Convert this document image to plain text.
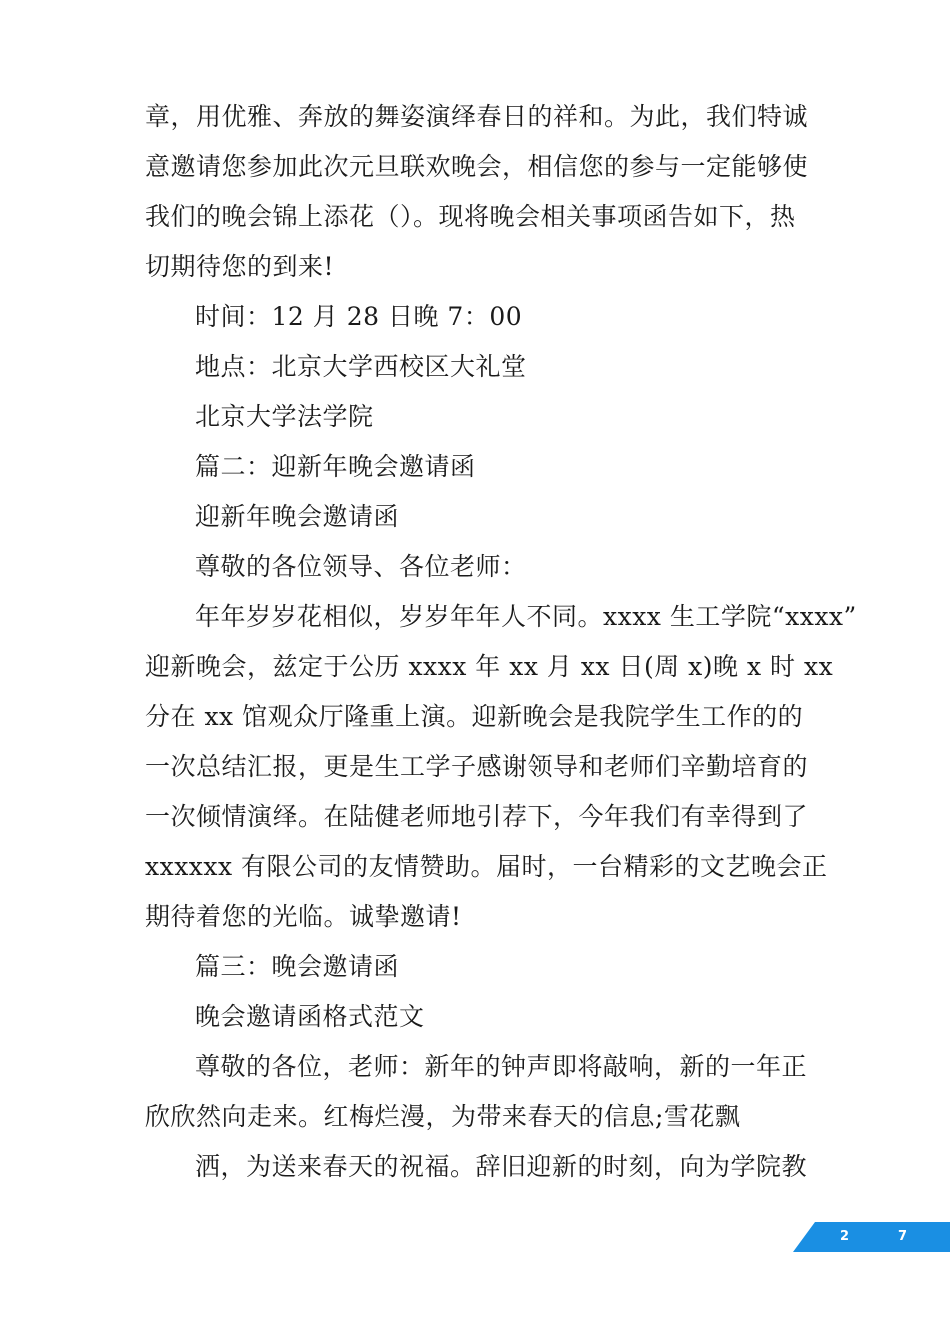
章，用优雅、奔放的舞姿演绎春日的祥和。为此，我们特诚
意邀请您参加此次元旦联欢晚会，相信您的参与一定能够使
我们的晚会锦上添花（）。现将晚会相关事项函告如下，热
切期待您的到来!
时间：12 月 28 日晚 7：00
地点：北京大学西校区大礼堂
北京大学法学院
篇二：迎新年晚会邀请函
迎新年晚会邀请函
尊敬的各位领导、各位老师：
年年岁岁花相似，岁岁年年人不同。xxxx 生工学院“xxxx”
迎新晚会，兹定于公历 xxxx 年 xx 月 xx 日(周 x)晚 x 时 xx
分在 xx 馆观众厅隆重上演。迎新晚会是我院学生工作的的
一次总结汇报，更是生工学子感谢领导和老师们辛勤培育的
一次倾情演绎。在陆健老师地引荐下，今年我们有幸得到了
xxxxxx 有限公司的友情赞助。届时，一台精彩的文艺晚会正
期待着您的光临。诚挚邀请!
篇三：晚会邀请函
晚会邀请函格式范文
尊敬的各位，老师：新年的钟声即将敲响，新的一年正
欣欣然向走来。红梅烂漫，为带来春天的信息;雪花飘
洒，为送来春天的祝福。辞旧迎新的时刻，向为学院教
2	7
